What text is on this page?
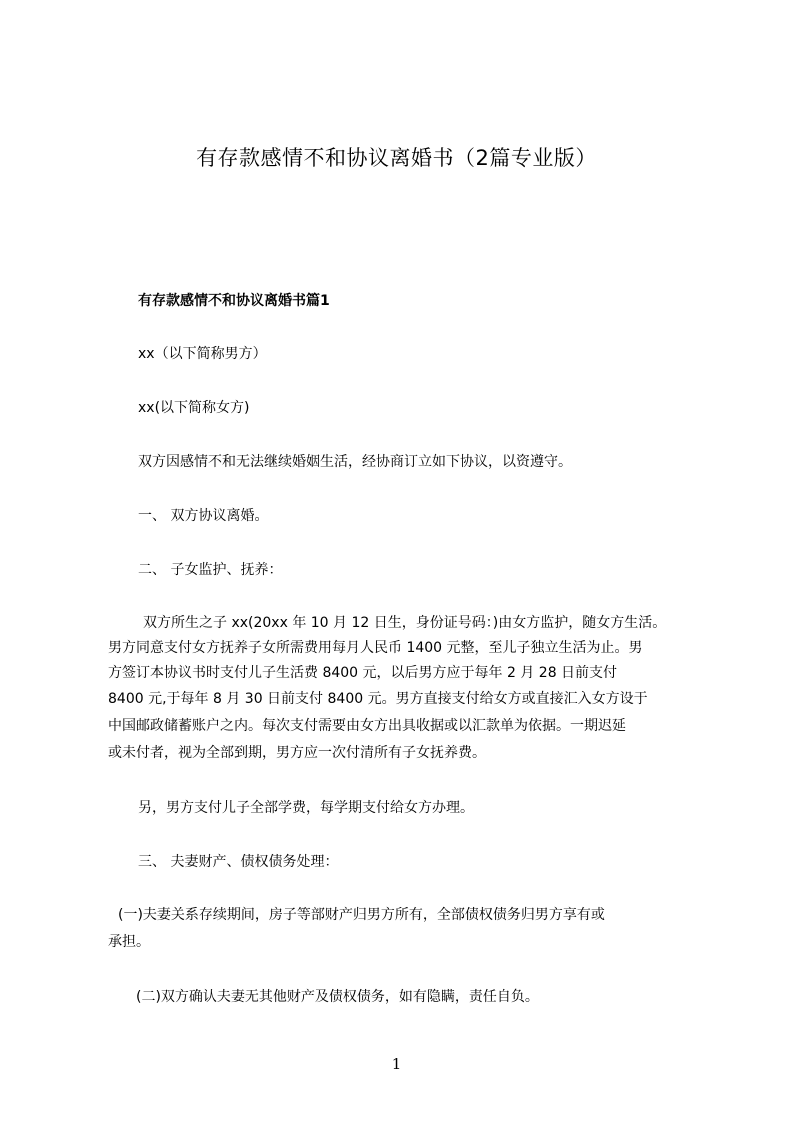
有存款感情不和协议离婚书（2篇专业版）
有存款感情不和协议离婚书篇1
xx（以下简称男方）
xx(以下简称女方)
双方因感情不和无法继续婚姻生活，经协商订立如下协议，以资遵守。
一、 双方协议离婚。
二、 子女监护、抚养：
双方所生之子 xx(20xx 年 10 月 12 日生，身份证号码：)由女方监护，随女方生活。
男方同意支付女方抚养子女所需费用每月人民币 1400 元整，至儿子独立生活为止。男
方签订本协议书时支付儿子生活费 8400 元，以后男方应于每年 2 月 28 日前支付
8400 元,于每年 8 月 30 日前支付 8400 元。男方直接支付给女方或直接汇入女方设于
中国邮政储蓄账户之内。每次支付需要由女方出具收据或以汇款单为依据。一期迟延
或未付者，视为全部到期，男方应一次付清所有子女抚养费。
另，男方支付儿子全部学费，每学期支付给女方办理。
三、 夫妻财产、债权债务处理：
(一)夫妻关系存续期间，房子等部财产归男方所有，全部债权债务归男方享有或
承担。
(二)双方确认夫妻无其他财产及债权债务，如有隐瞒，责任自负。
1
